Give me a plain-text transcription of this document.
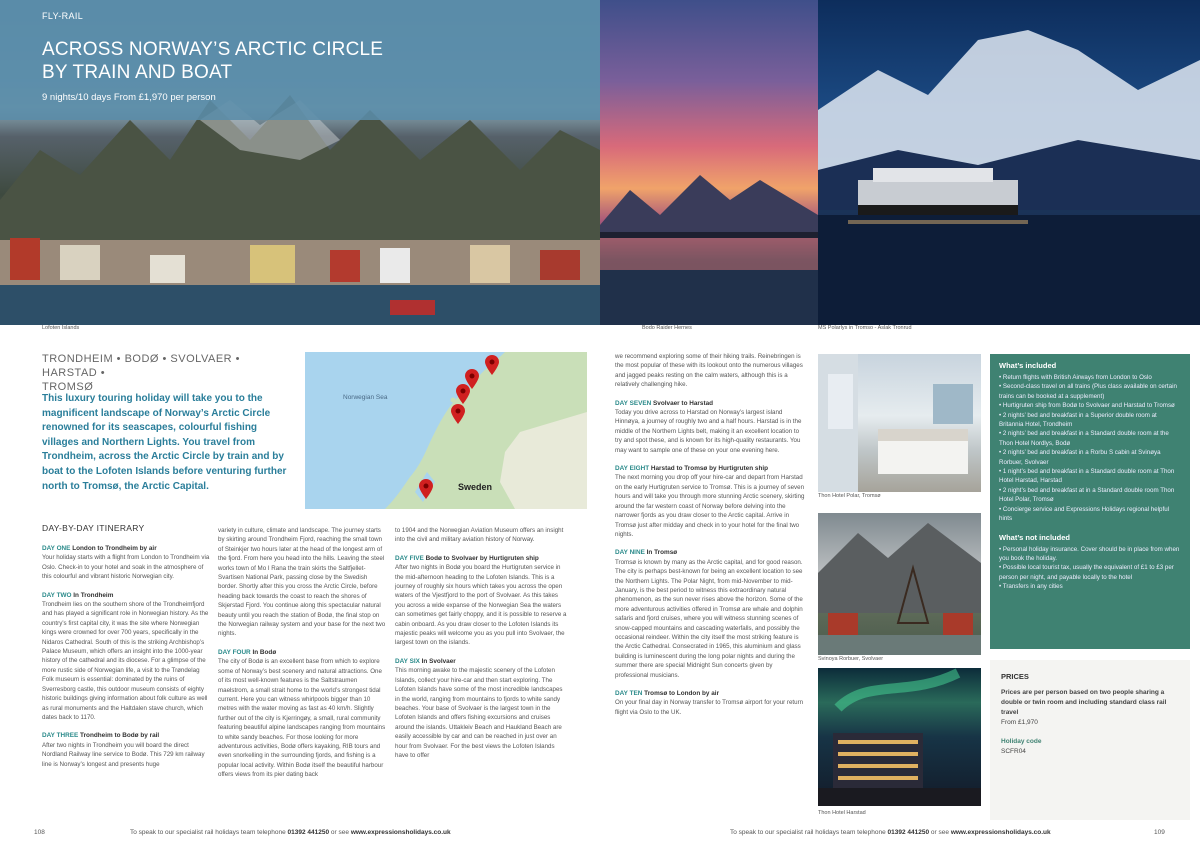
FLY-RAIL
ACROSS NORWAY’S ARCTIC CIRCLE
BY TRAIN AND BOAT
9 nights/10 days From £1,970 per person
Lofoten Islands	Bodo Raider Hernes	MS Polarlys in Tromso - Aslak Tronrud
TRONDHEIM • BODØ • SVOLVAER • HARSTAD •
TROMSØ
This luxury touring holiday will take you to the magnificent landscape of Norway’s Arctic Circle renowned for its seascapes, colourful fishing villages and Northern Lights. You travel from Trondheim, across the Arctic Circle by train and by boat to the Lofoten Islands before venturing further north to Tromsø, the Arctic Capital.
Norwegian Sea
Sweden
DAY-BY-DAY ITINERARY
DAY ONE London to Trondheim by air
Your holiday starts with a flight from London to Trondheim via Oslo. Check-in to your hotel and soak in the atmosphere of this colourful and vibrant historic Norwegian city.
DAY TWO In Trondheim
Trondheim lies on the southern shore of the Trondheimfjord and has played a significant role in Norwegian history. As the country’s first capital city, it was the site where Norwegian kings were crowned for over 700 years, specifically in the Nidaros Cathedral. South of this is the striking Archbishop’s Palace Museum, which offers an insight into the 1000-year history of the cathedral and its diocese. For a glimpse of the more rustic side of Norwegian life, a visit to the Trøndelag Folk museum is essential: dominated by the ruins of Sverresborg castle, this outdoor museum consists of eighty historic buildings giving information about folk culture as well as rural monuments and the Haltdalen stave church, which dates back to 1170.
DAY THREE Trondheim to Bodø by rail
After two nights in Trondheim you will board the direct Nordland Railway line service to Bodø. This 729 km railway line is Norway’s longest and presents huge
variety in culture, climate and landscape. The journey starts by skirting around Trondheim Fjord, reaching the small town of Steinkjer two hours later at the head of the longest arm of the fjord. From here you head into the hills. Leaving the steel works town of Mo I Rana the train skirts the Saltfjellet-Svartisen National Park, passing close by the Swedish border. Shortly after this you cross the Arctic Circle, before heading back towards the coast to reach the shores of Skjerstad Fjord. You continue along this spectacular natural beauty until you reach the station of Bodø, the final stop on the Norwegian railway system and your base for the next two nights.
DAY FOUR In Bodø
The city of Bodø is an excellent base from which to explore some of Norway’s best scenery and natural attractions. One of its most well-known features is the Saltstraumen maelstrom, a small strait home to the world’s strongest tidal current. Here you can witness whirlpools bigger than 10 metres with the water moving as fast as 40 km/h. Slightly further out of the city is Kjerringøy, a small, rural community featuring beautiful alpine landscapes ranging from mountains to white sandy beaches. For those looking for more adventurous activities, Bodø offers kayaking, RIB tours and even snorkelling in the surrounding fjords, and fishing is a popular local activity. Within Bodø itself the beautiful harbour offers views from its pier dating back
to 1904 and the Norwegian Aviation Museum offers an insight into the civil and military aviation history of Norway.
DAY FIVE Bodø to Svolvaer by Hurtigruten ship
After two nights in Bodø you board the Hurtigruten service in the mid-afternoon heading to the Lofoten Islands. This is a journey of roughly six hours which takes you across the open waters of the Vjestfjord to the port of Svolvaer. As this takes you across a wide expanse of the Norwegian Sea the waters can sometimes get fairly choppy, and it is possible to reserve a cabin onboard. As you draw closer to the Lofoten Islands its majestic peaks will welcome you as you pull into Svolvaer, the largest town on the islands.
DAY SIX In Svolvaer
This morning awake to the majestic scenery of the Lofoten Islands, collect your hire-car and then start exploring. The Lofoten Islands have some of the most incredible landscapes in the world, ranging from mountains to fjords to white sandy beaches. Your base of Svolvaer is the largest town in the Lofoten Islands and offers fishing excursions and cruises around the islands. Uttakleiv Beach and Haukland Beach are easily accessible by car and can be reached in just over an hour from Svolvaer. For the best views the Lofoten Islands have to offer
we recommend exploring some of their hiking trails. Reinebringen is the most popular of these with its lookout onto the numerous villages and jagged peaks resting on the calm waters, although this is a relatively challenging hike.
DAY SEVEN Svolvaer to Harstad
Today you drive across to Harstad on Norway’s largest island Hinnøya, a journey of roughly two and a half hours. Harstad is in the middle of the Northern Lights belt, making it an excellent location to try and spot these, and is known for its high-quality restaurants. You may want to sample one of these on your one evening here.
DAY EIGHT Harstad to Tromsø by Hurtigruten ship
The next morning you drop off your hire-car and depart from Harstad on the early Hurtigruten service to Tromsø. This is a journey of seven hours and will take you through more stunning Arctic scenery, skirting around the far western coast of Norway before delving into the narrower fjords as you draw closer to the Arctic capital. Arrive in Tromsø just after midday and check in to your hotel for the final two nights.
DAY NINE In Tromsø
Tromsø is known by many as the Arctic capital, and for good reason. The city is perhaps best-known for being an excellent location to see the Northern Lights. The Polar Night, from mid-November to mid-January, is the best period to witness this extraordinary natural phenomenon, as the sun never rises above the horizon. Some of the more adventurous activities offered in Tromsø are whale and dolphin safaris and fjord cruises, where you will witness stunning scenes of snow-capped mountains and cascading waterfalls, and possibly the occasional reindeer. Within the city itself the most striking feature is the Arctic Cathedral. Consecrated in 1965, this aluminium and glass building is luminescent during the long polar nights and during the summer there are special Midnight Sun concerts given by professional musicians.
DAY TEN Tromsø to London by air
On your final day in Norway transfer to Tromsø airport for your return flight via Oslo to the UK.
Thon Hotel Polar, Tromsø
Svinoya Rorbuer, Svolvaer
Thon Hotel Harstad
What’s included
• Return flights with British Airways from London to Oslo
• Second-class travel on all trains (Plus class available on certain trains can be booked at a supplement)
• Hurtigruten ship from Bodø to Svolvaer and Harstad to Tromsø
• 2 nights’ bed and breakfast in a Superior double room at Britannia Hotel, Trondheim
• 2 nights’ bed and breakfast in a Standard double room at the Thon Hotel Nordlys, Bodø
• 2 nights’ bed and breakfast in a Rorbu S cabin at Svinøya Rorbuer, Svolvaer
• 1 night’s bed and breakfast in a Standard double room at Thon Hotel Harstad, Harstad
• 2 night’s bed and breakfast at in a Standard double room Thon Hotel Polar, Tromsø
• Concierge service and Expressions Holidays regional helpful hints
What’s not included
• Personal holiday insurance. Cover should be in place from when you book the holiday.
• Possible local tourist tax, usually the equivalent of £1 to £3 per person per night, and payable locally to the hotel
• Transfers in any cities
PRICES

Prices are per person based on two people sharing a double or twin room and including standard class rail travel

From £1,970

Holiday code

SCFR04

108	To speak to our specialist rail holidays team telephone 01392 441250 or see www.expressionsholidays.co.uk	To speak to our specialist rail holidays team telephone 01392 441250 or see www.expressionsholidays.co.uk	109
